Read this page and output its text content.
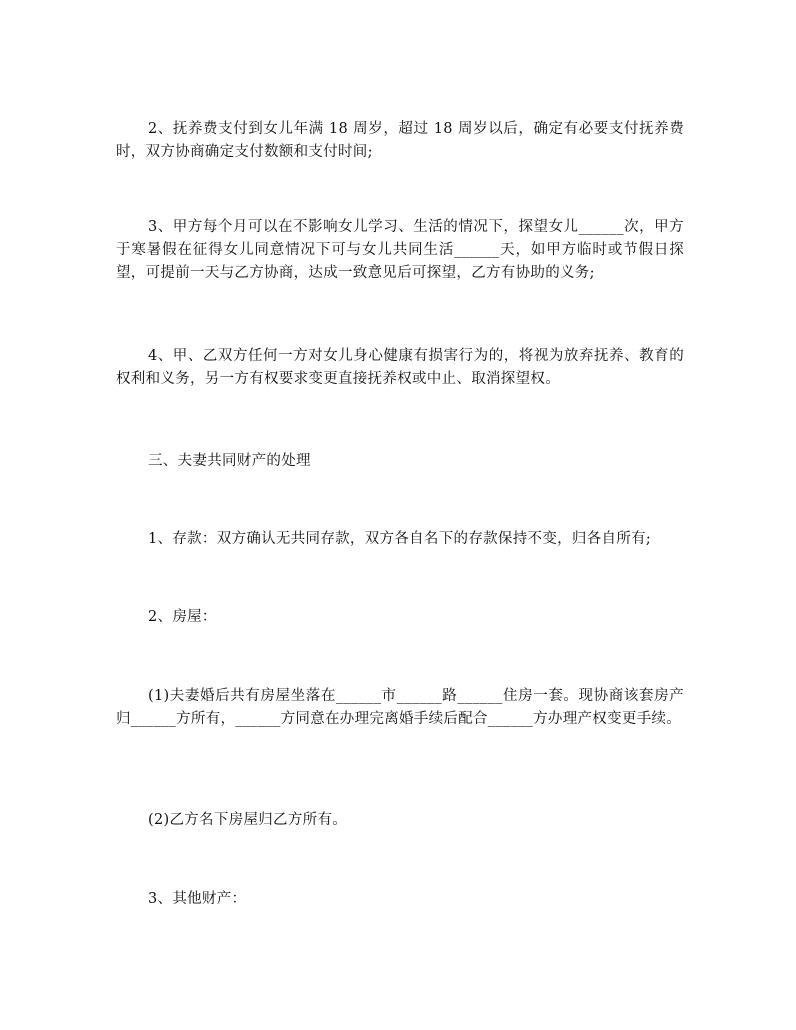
2、抚养费支付到女儿年满 18 周岁，超过 18 周岁以后，确定有必要支付抚养费时，双方协商确定支付数额和支付时间;

3、甲方每个月可以在不影响女儿学习、生活的情况下，探望女儿______次，甲方于寒暑假在征得女儿同意情况下可与女儿共同生活______天，如甲方临时或节假日探望，可提前一天与乙方协商，达成一致意见后可探望，乙方有协助的义务;

4、甲、乙双方任何一方对女儿身心健康有损害行为的，将视为放弃抚养、教育的权利和义务，另一方有权要求变更直接抚养权或中止、取消探望权。

三、夫妻共同财产的处理

1、存款：双方确认无共同存款，双方各自名下的存款保持不变，归各自所有;

2、房屋：

(1)夫妻婚后共有房屋坐落在______市______路______住房一套。现协商该套房产归______方所有，______方同意在办理完离婚手续后配合______方办理产权变更手续。

(2)乙方名下房屋归乙方所有。

3、其他财产：
